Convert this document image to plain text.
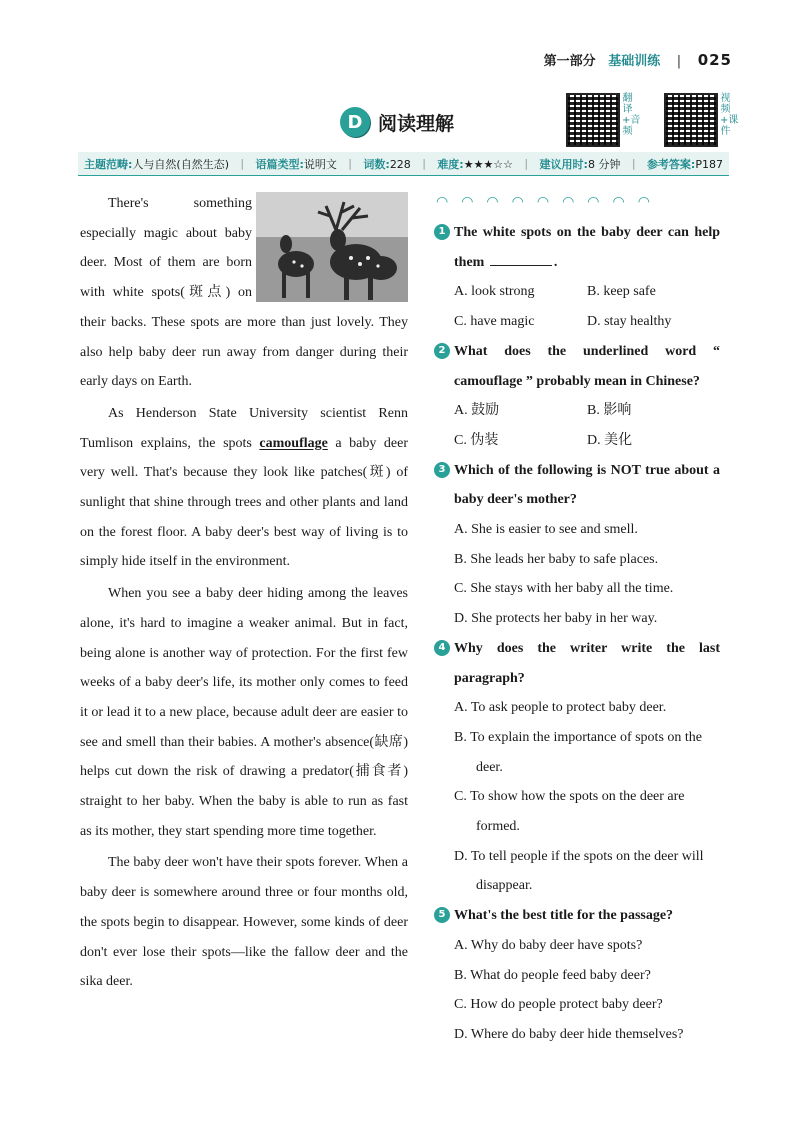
第一部分 基础训练 | 025
D 阅读理解
翻译+音频
视频+课件
主题范畴:人与自然(自然生态) | 语篇类型:说明文 | 词数:228 | 难度:★★★☆☆ | 建议用时:8 分钟 | 参考答案:P187

There's something especially magic about baby deer. Most of them are born with white spots(斑点) on their backs. These spots are more than just lovely. They also help baby deer run away from danger during their early days on Earth.

As Henderson State University scientist Renn Tumlison explains, the spots camouflage a baby deer very well. That's because they look like patches(斑) of sunlight that shine through trees and other plants and land on the forest floor. A baby deer's best way of living is to simply hide itself in the environment.

When you see a baby deer hiding among the leaves alone, it's hard to imagine a weaker animal. But in fact, being alone is another way of protection. For the first few weeks of a baby deer's life, its mother only comes to feed it or lead it to a new place, because adult deer are easier to see and smell than their babies. A mother's absence(缺席) helps cut down the risk of drawing a predator(捕食者) straight to her baby. When the baby is able to run as fast as its mother, they start spending more time together.

The baby deer won't have their spots forever. When a baby deer is somewhere around three or four months old, the spots begin to disappear. However, some kinds of deer don't ever lose their spots—like the fallow deer and the sika deer.

◠◠◠◠◠◠◠◠◠
1 The white spots on the baby deer can help them	.
A. look strong	B. keep safe
C. have magic	D. stay healthy
2 What does the underlined word “ camouflage ” probably mean in Chinese?
A. 鼓励	B. 影响
C. 伪装	D. 美化
3 Which of the following is NOT true about a baby deer's mother?
A. She is easier to see and smell.
B. She leads her baby to safe places.
C. She stays with her baby all the time.
D. She protects her baby in her way.
4 Why does the writer write the last paragraph?
A. To ask people to protect baby deer.
B. To explain the importance of spots on the deer.
C. To show how the spots on the deer are formed.
D. To tell people if the spots on the deer will disappear.
5 What's the best title for the passage?
A. Why do baby deer have spots?
B. What do people feed baby deer?
C. How do people protect baby deer?
D. Where do baby deer hide themselves?
